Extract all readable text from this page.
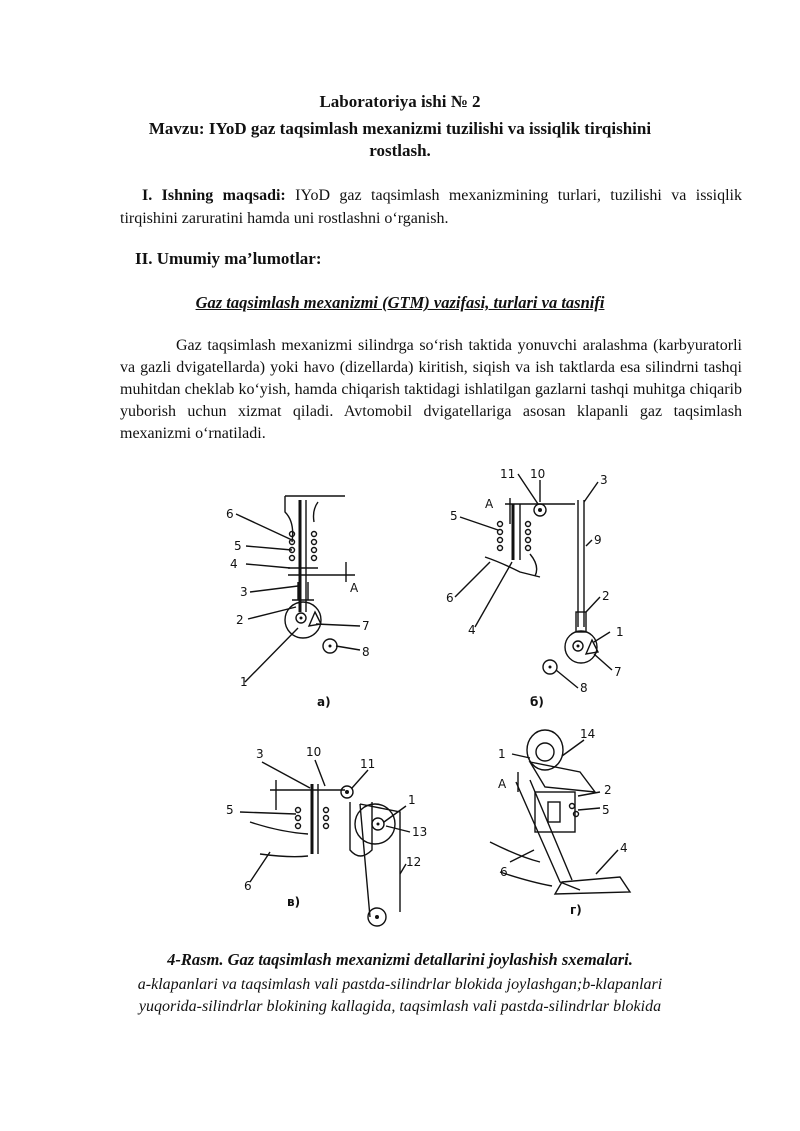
Laboratoriya ishi № 2
Mavzu: IYoD gaz taqsimlash mexanizmi tuzilishi va issiqlik tirqishini rostlash.
I. Ishning maqsadi: IYoD gaz taqsimlash mexanizmining turlari, tuzilishi va issiqlik tirqishini zaruratini hamda uni rostlashni o‘rganish.
II. Umumiy ma’lumotlar:
Gaz taqsimlash mexanizmi (GTM) vazifasi, turlari va tasnifi
Gaz taqsimlash mexanizmi silindrga so‘rish taktida yonuvchi aralashma (karbyuratorli va gazli dvigatellarda) yoki havo (dizellarda) kiritish, siqish va ish taktlarda esa silindrni tashqi muhitdan cheklab ko‘yish, hamda chiqarish taktidagi ishlatilgan gazlarni tashqi muhitga chiqarib yuborish uchun xizmat qiladi. Avtomobil dvigatellariga asosan klapanli gaz taqsimlash mexanizmi o‘rnatiladi.
6
5
4
3
2
1
7
8
A
а)
11 10	3
A
5
9
6
4
2
1
7
8
б)
3	10
11
5
1
13
12
6
в)
1
14
A	2
5
4
6
г)
4-Rasm. Gaz taqsimlash mexanizmi detallarini joylashish sxemalari.
a-klapanlari va taqsimlash vali pastda-silindrlar blokida joylashgan;b-klapanlari yuqorida-silindrlar blokining kallagida, taqsimlash vali pastda-silindrlar blokida
